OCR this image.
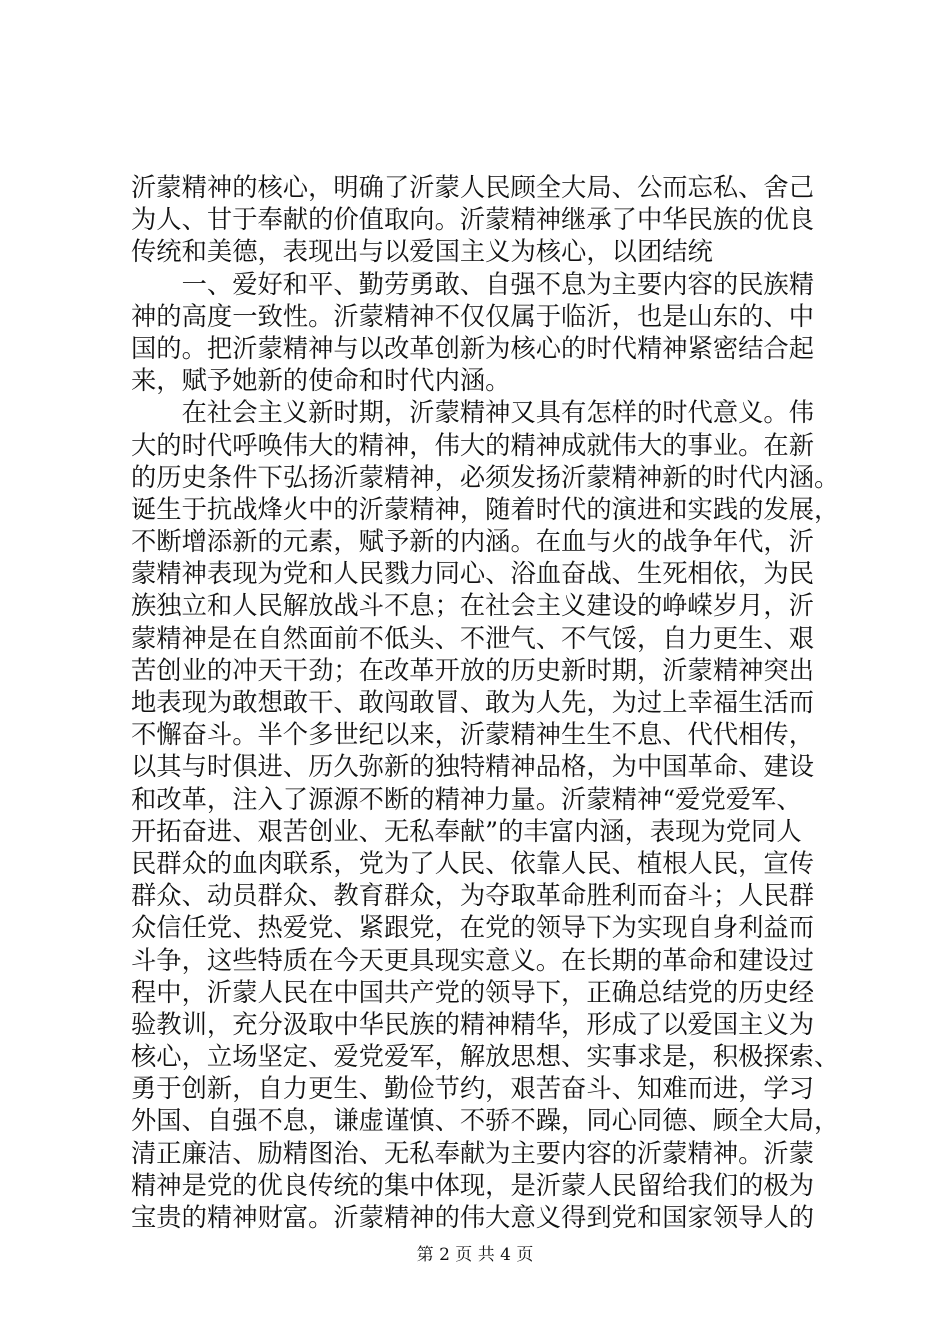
沂蒙精神的核心，明确了沂蒙人民顾全大局、公而忘私、舍己
为人、甘于奉献的价值取向。沂蒙精神继承了中华民族的优良
传统和美德，表现出与以爱国主义为核心，以团结统
　　一、爱好和平、勤劳勇敢、自强不息为主要内容的民族精
神的高度一致性。沂蒙精神不仅仅属于临沂，也是山东的、中
国的。把沂蒙精神与以改革创新为核心的时代精神紧密结合起
来，赋予她新的使命和时代内涵。
　　在社会主义新时期，沂蒙精神又具有怎样的时代意义。伟
大的时代呼唤伟大的精神，伟大的精神成就伟大的事业。在新
的历史条件下弘扬沂蒙精神，必须发扬沂蒙精神新的时代内涵。
诞生于抗战烽火中的沂蒙精神，随着时代的演进和实践的发展，
不断增添新的元素，赋予新的内涵。在血与火的战争年代，沂
蒙精神表现为党和人民戮力同心、浴血奋战、生死相依，为民
族独立和人民解放战斗不息；在社会主义建设的峥嵘岁月，沂
蒙精神是在自然面前不低头、不泄气、不气馁，自力更生、艰
苦创业的冲天干劲；在改革开放的历史新时期，沂蒙精神突出
地表现为敢想敢干、敢闯敢冒、敢为人先，为过上幸福生活而
不懈奋斗。半个多世纪以来，沂蒙精神生生不息、代代相传，
以其与时俱进、历久弥新的独特精神品格，为中国革命、建设
和改革，注入了源源不断的精神力量。沂蒙精神“爱党爱军、
开拓奋进、艰苦创业、无私奉献”的丰富内涵，表现为党同人
民群众的血肉联系，党为了人民、依靠人民、植根人民，宣传
群众、动员群众、教育群众，为夺取革命胜利而奋斗；人民群
众信任党、热爱党、紧跟党，在党的领导下为实现自身利益而
斗争，这些特质在今天更具现实意义。在长期的革命和建设过
程中，沂蒙人民在中国共产党的领导下，正确总结党的历史经
验教训，充分汲取中华民族的精神精华，形成了以爱国主义为
核心，立场坚定、爱党爱军，解放思想、实事求是，积极探索、
勇于创新，自力更生、勤俭节约，艰苦奋斗、知难而进，学习
外国、自强不息，谦虚谨慎、不骄不躁，同心同德、顾全大局，
清正廉洁、励精图治、无私奉献为主要内容的沂蒙精神。沂蒙
精神是党的优良传统的集中体现，是沂蒙人民留给我们的极为
宝贵的精神财富。沂蒙精神的伟大意义得到党和国家领导人的
第 2 页 共 4 页
